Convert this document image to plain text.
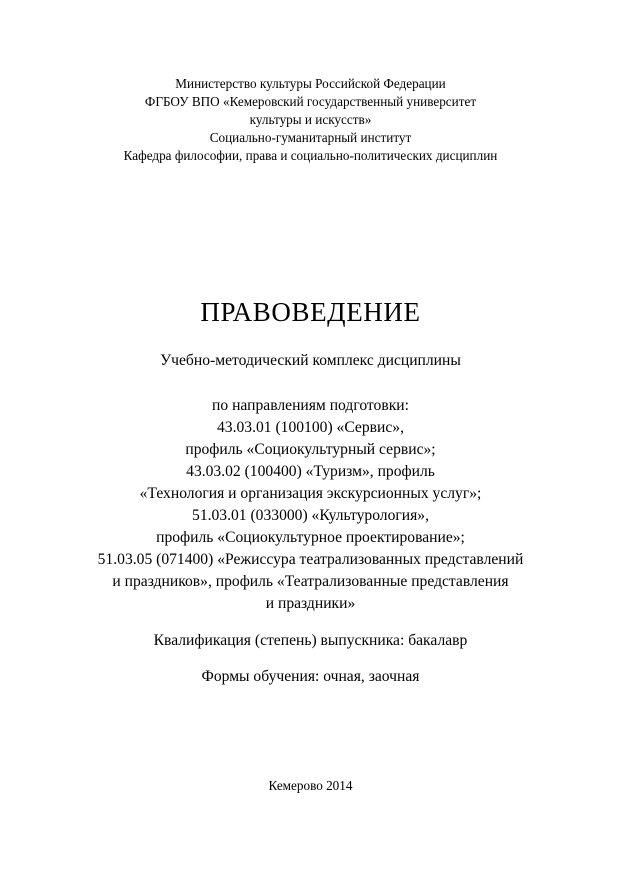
Министерство культуры Российской Федерации
ФГБОУ ВПО «Кемеровский государственный университет
культуры и искусств»
Социально-гуманитарный институт
Кафедра философии, права и социально-политических дисциплин
ПРАВОВЕДЕНИЕ
Учебно-методический комплекс дисциплины
по направлениям подготовки:
43.03.01 (100100) «Сервис»,
профиль «Социокультурный сервис»;
43.03.02 (100400) «Туризм», профиль
«Технология и организация экскурсионных услуг»;
51.03.01 (033000) «Культурология»,
профиль «Социокультурное проектирование»;
51.03.05 (071400) «Режиссура театрализованных представлений
и праздников», профиль «Театрализованные представления
и праздники»
Квалификация (степень) выпускника: бакалавр
Формы обучения: очная, заочная
Кемерово 2014
